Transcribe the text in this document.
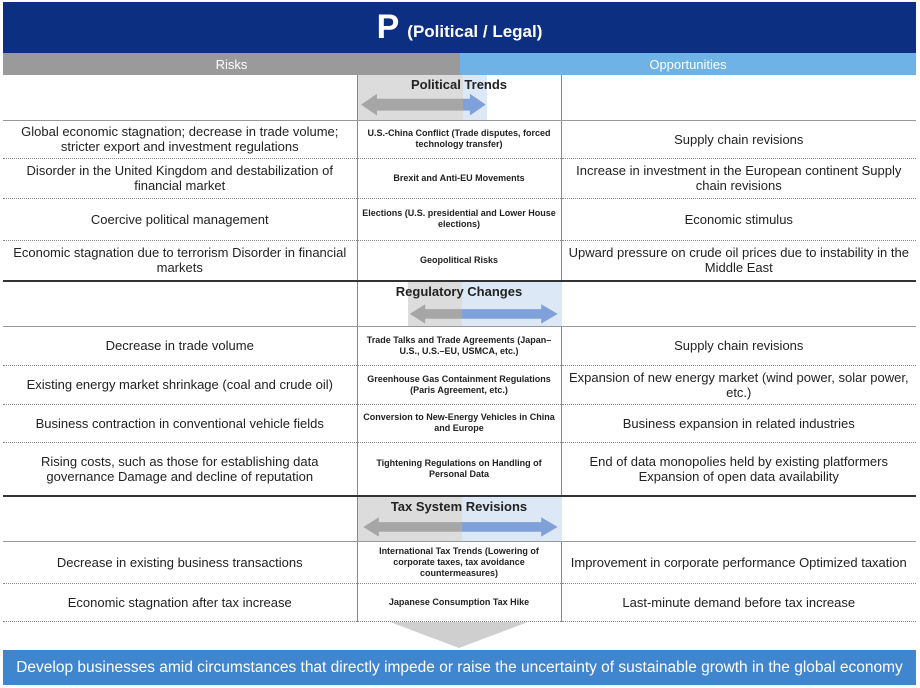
P (Political / Legal)
Risks	Opportunities

	Political Trends	

Global economic stagnation; decrease in trade volume; stricter export and investment regulations	U.S.-China Conflict (Trade disputes, forced technology transfer)	Supply chain revisions
Disorder in the United Kingdom and destabilization of financial market	Brexit and Anti-EU Movements	Increase in investment in the European continent Supply chain revisions
Coercive political management	Elections (U.S. presidential and Lower House elections)	Economic stimulus
Economic stagnation due to terrorism Disorder in financial markets	Geopolitical Risks	Upward pressure on crude oil prices due to instability in the Middle East

	Regulatory Changes	

Decrease in trade volume	Trade Talks and Trade Agreements (Japan–U.S., U.S.–EU, USMCA, etc.)	Supply chain revisions
Existing energy market shrinkage (coal and crude oil)	Greenhouse Gas Containment Regulations (Paris Agreement, etc.)	Expansion of new energy market (wind power, solar power, etc.)
Business contraction in conventional vehicle fields	Conversion to New-Energy Vehicles in China and Europe	Business expansion in related industries
Rising costs, such as those for establishing data governance Damage and decline of reputation	Tightening Regulations on Handling of Personal Data	End of data monopolies held by existing platformers Expansion of open data availability

	Tax System Revisions	

Decrease in existing business transactions	International Tax Trends (Lowering of corporate taxes, tax avoidance countermeasures)	Improvement in corporate performance Optimized taxation
Economic stagnation after tax increase	Japanese Consumption Tax Hike	Last-minute demand before tax increase
Develop businesses amid circumstances that directly impede or raise the uncertainty of sustainable growth in the global economy
